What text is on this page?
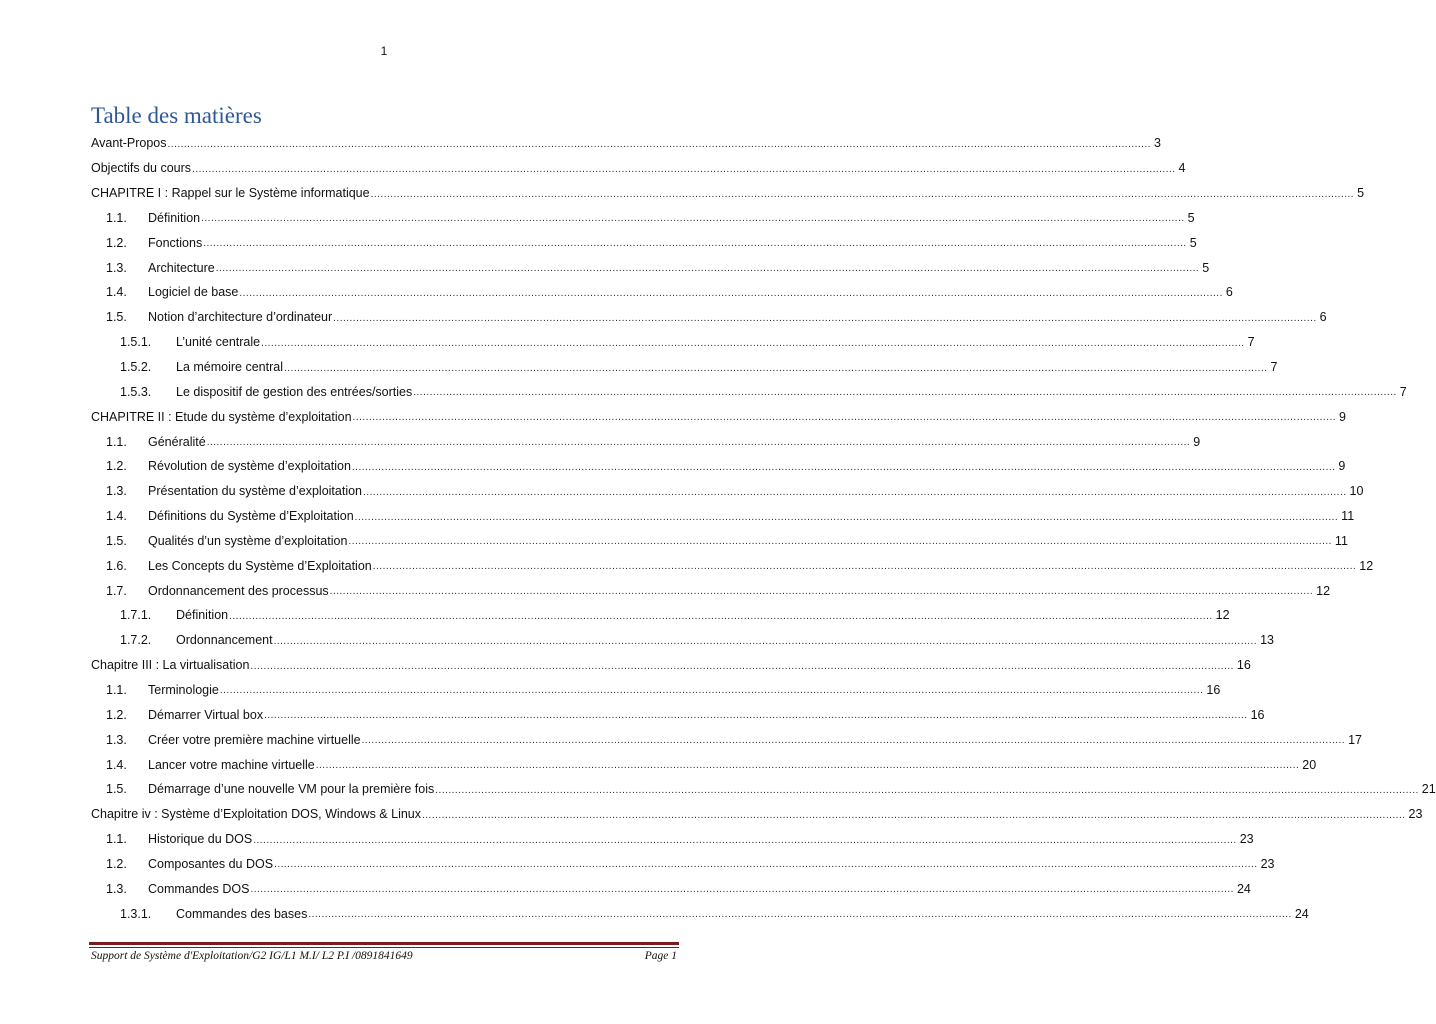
1
Table des matières
Avant-Propos ............................................................................................................................................................................................................................................................................................................ 3
Objectifs du cours ............................................................................................................................................................................................................................................................................................................ 4
CHAPITRE I : Rappel sur le Système informatique ............................................................................................................................................................................................................................................................................................................ 5
1.1.	Définition ............................................................................................................................................................................................................................................................................................................ 5
1.2.	Fonctions ............................................................................................................................................................................................................................................................................................................ 5
1.3.	Architecture ............................................................................................................................................................................................................................................................................................................ 5
1.4.	Logiciel de base ............................................................................................................................................................................................................................................................................................................ 6
1.5.	Notion d’architecture d’ordinateur ............................................................................................................................................................................................................................................................................................................ 6
1.5.1.	L’unité centrale ............................................................................................................................................................................................................................................................................................................ 7
1.5.2.	La mémoire central ............................................................................................................................................................................................................................................................................................................ 7
1.5.3.	Le dispositif de gestion des entrées/sorties ............................................................................................................................................................................................................................................................................................................ 7
CHAPITRE II : Etude du système d’exploitation ............................................................................................................................................................................................................................................................................................................ 9
1.1.	Généralité ............................................................................................................................................................................................................................................................................................................ 9
1.2.	Révolution de système d’exploitation ............................................................................................................................................................................................................................................................................................................ 9
1.3.	Présentation du système d’exploitation ............................................................................................................................................................................................................................................................................................................ 10
1.4.	Définitions du Système d’Exploitation ............................................................................................................................................................................................................................................................................................................ 11
1.5.	Qualités d’un système d’exploitation ............................................................................................................................................................................................................................................................................................................ 11
1.6.	Les Concepts du Système d’Exploitation ............................................................................................................................................................................................................................................................................................................ 12
1.7.	Ordonnancement des processus ............................................................................................................................................................................................................................................................................................................ 12
1.7.1.	Définition ............................................................................................................................................................................................................................................................................................................ 12
1.7.2.	Ordonnancement ............................................................................................................................................................................................................................................................................................................ 13
Chapitre III : La virtualisation ............................................................................................................................................................................................................................................................................................................ 16
1.1.	Terminologie ............................................................................................................................................................................................................................................................................................................ 16
1.2.	Démarrer Virtual box ............................................................................................................................................................................................................................................................................................................ 16
1.3.	Créer votre première machine virtuelle ............................................................................................................................................................................................................................................................................................................ 17
1.4.	Lancer votre machine virtuelle ............................................................................................................................................................................................................................................................................................................ 20
1.5.	Démarrage d’une nouvelle VM pour la première fois ............................................................................................................................................................................................................................................................................................................ 21
Chapitre iv : Système d’Exploitation DOS, Windows & Linux ............................................................................................................................................................................................................................................................................................................ 23
1.1.	Historique du DOS ............................................................................................................................................................................................................................................................................................................ 23
1.2.	Composantes du DOS ............................................................................................................................................................................................................................................................................................................ 23
1.3.	Commandes DOS ............................................................................................................................................................................................................................................................................................................ 24
1.3.1.	Commandes des bases ............................................................................................................................................................................................................................................................................................................ 24
Support de Système d'Exploitation/G2 IG/L1 M.I/ L2 P.I /0891841649	Page 1
